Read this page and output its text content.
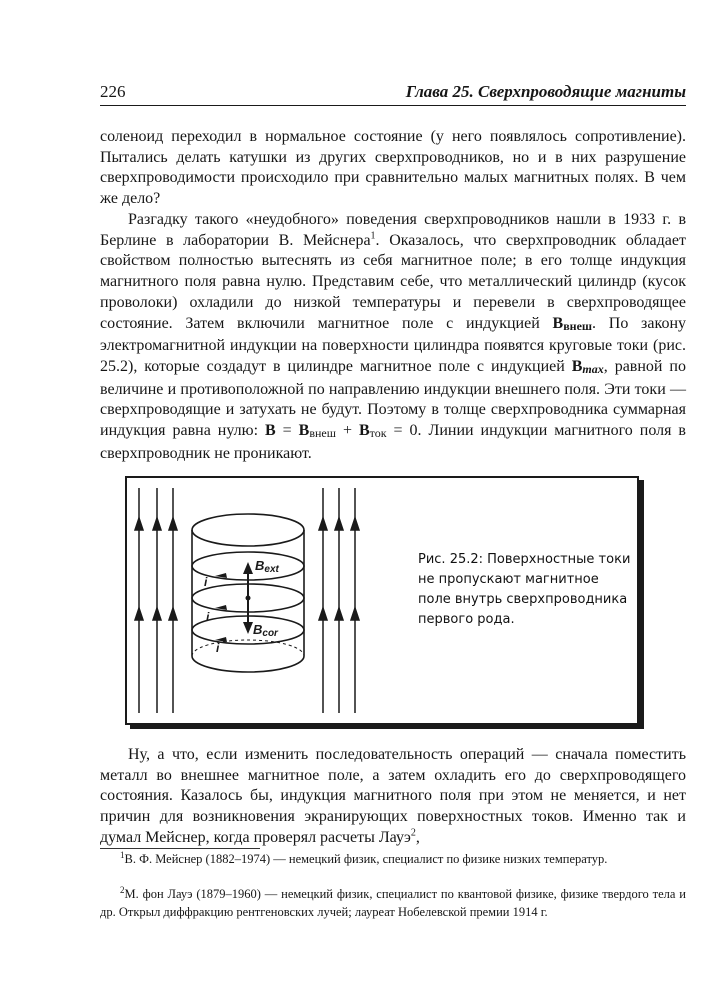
226	Глава 25. Сверхпроводящие магниты

соленоид переходил в нормальное состояние (у него появлялось сопротивление). Пытались делать катушки из других сверхпроводников, но и в них разрушение сверхпроводимости происходило при сравнительно малых магнитных полях. В чем же дело?

Разгадку такого «неудобного» поведения сверхпроводников нашли в 1933 г. в Берлине в лаборатории В. Мейснера$^1$. Оказалось, что сверхпроводник обладает свойством полностью вытеснять из себя магнитное поле; в его толще индукция магнитного поля равна нулю. Представим себе, что металлический цилиндр (кусок проволоки) охладили до низкой температуры и перевели в сверхпроводящее состояние. Затем включили магнитное поле с индукцией Bвнеш. По закону электромагнитной индукции на поверхности цилиндра появятся круговые токи (рис. 25.2), которые создадут в цилиндре магнитное поле с индукцией Bmax, равной по величине и противоположной по направлению индукции внешнего поля. Эти токи — сверхпроводящие и затухать не будут. Поэтому в толще сверхпроводника суммарная индукция равна нулю: B = Bвнеш + Bток = 0. Линии индукции магнитного поля в сверхпроводник не проникают.

Bext
Bcor
i
i
i

Рис. 25.2: Поверхностные токи не пропускают магнитное поле внутрь сверхпроводника первого рода.

Ну, а что, если изменить последовательность операций — сначала поместить металл во внешнее магнитное поле, а затем охладить его до сверхпроводящего состояния. Казалось бы, индукция магнитного поля при этом не меняется, и нет причин для возникновения экранирующих поверхностных токов. Именно так и думал Мейснер, когда проверял расчеты Лауэ$^2$,

$^1$В. Ф. Мейснер (1882–1974) — немецкий физик, специалист по физике низких температур.

$^2$М. фон Лауэ (1879–1960) — немецкий физик, специалист по квантовой физике, физике твердого тела и др. Открыл диффракцию рентгеновских лучей; лауреат Нобелевской премии 1914 г.
